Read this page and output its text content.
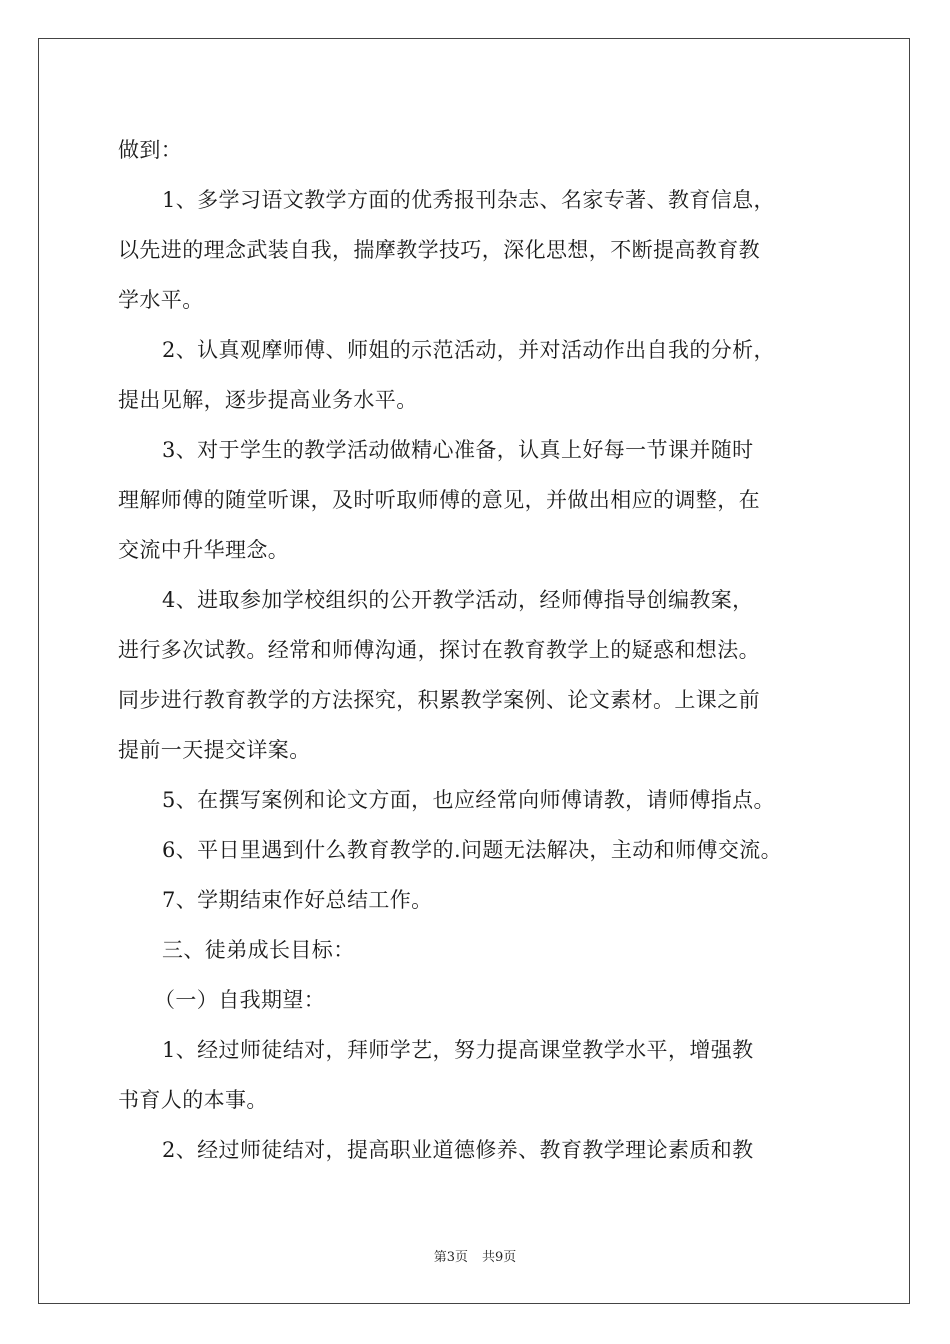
做到：
1、多学习语文教学方面的优秀报刊杂志、名家专著、教育信息，
以先进的理念武装自我，揣摩教学技巧，深化思想，不断提高教育教
学水平。
2、认真观摩师傅、师姐的示范活动，并对活动作出自我的分析，
提出见解，逐步提高业务水平。
3、对于学生的教学活动做精心准备，认真上好每一节课并随时
理解师傅的随堂听课，及时听取师傅的意见，并做出相应的调整，在
交流中升华理念。
4、进取参加学校组织的公开教学活动，经师傅指导创编教案，
进行多次试教。经常和师傅沟通，探讨在教育教学上的疑惑和想法。
同步进行教育教学的方法探究，积累教学案例、论文素材。上课之前
提前一天提交详案。
5、在撰写案例和论文方面，也应经常向师傅请教，请师傅指点。
6、平日里遇到什么教育教学的.问题无法解决，主动和师傅交流。
7、学期结束作好总结工作。
三、徒弟成长目标：
（一）自我期望：
1、经过师徒结对，拜师学艺，努力提高课堂教学水平，增强教
书育人的本事。
2、经过师徒结对，提高职业道德修养、教育教学理论素质和教
第3页 共9页
